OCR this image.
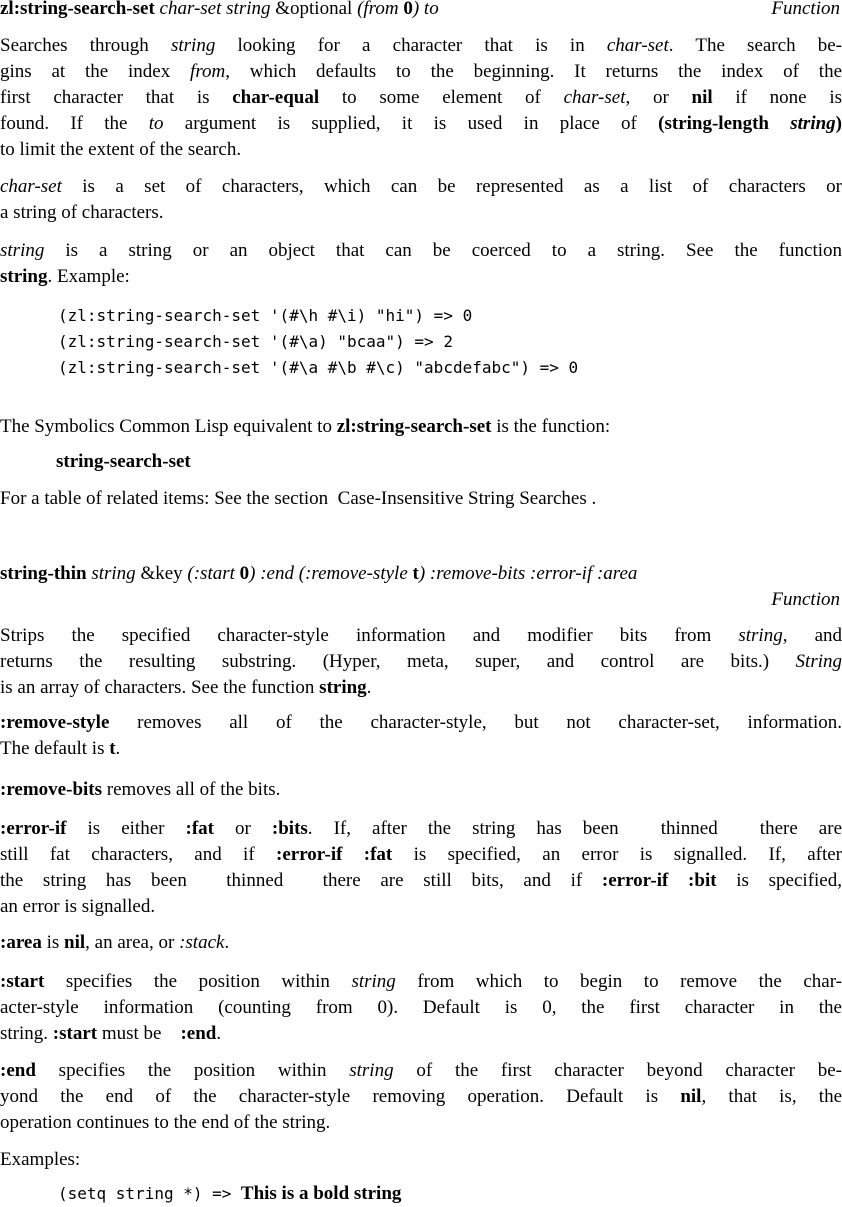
zl:string-search-set char-set string &optional (from 0) to	Function
Searches through string looking for a character that is in char-set. The search be-
gins at the index from, which defaults to the beginning. It returns the index of the
first character that is char-equal to some element of char-set, or nil if none is
found. If the to argument is supplied, it is used in place of (string-length string)
to limit the extent of the search.
char-set is a set of characters, which can be represented as a list of characters or
a string of characters.
string is a string or an object that can be coerced to a string. See the function
string. Example:
(zl:string-search-set '(#\h #\i) "hi") => 0
(zl:string-search-set '(#\a) "bcaa") => 2
(zl:string-search-set '(#\a #\b #\c) "abcdefabc") => 0
The Symbolics Common Lisp equivalent to zl:string-search-set is the function:
string-search-set
For a table of related items: See the section  Case-Insensitive String Searches .
string-thin string &key (:start 0) :end (:remove-style t) :remove-bits :error-if :area
Function
Strips the specified character-style information and modifier bits from string, and
returns the resulting substring. (Hyper, meta, super, and control are bits.) String
is an array of characters. See the function string.
:remove-style removes all of the character-style, but not character-set, information.
The default is t.
:remove-bits removes all of the bits.
:error-if is either :fat or :bits. If, after the string has been  thinned  there are
still fat characters, and if :error-if :fat is specified, an error is signalled. If, after
the string has been  thinned  there are still bits, and if :error-if :bit is specified,
an error is signalled.
:area is nil, an area, or :stack.
:start specifies the position within string from which to begin to remove the char-
acter-style information (counting from 0). Default is 0, the first character in the
string. :start must be    :end.
:end specifies the position within string of the first character beyond character be-
yond the end of the character-style removing operation. Default is nil, that is, the
operation continues to the end of the string.
Examples:
(setq string *) => This is a bold string
